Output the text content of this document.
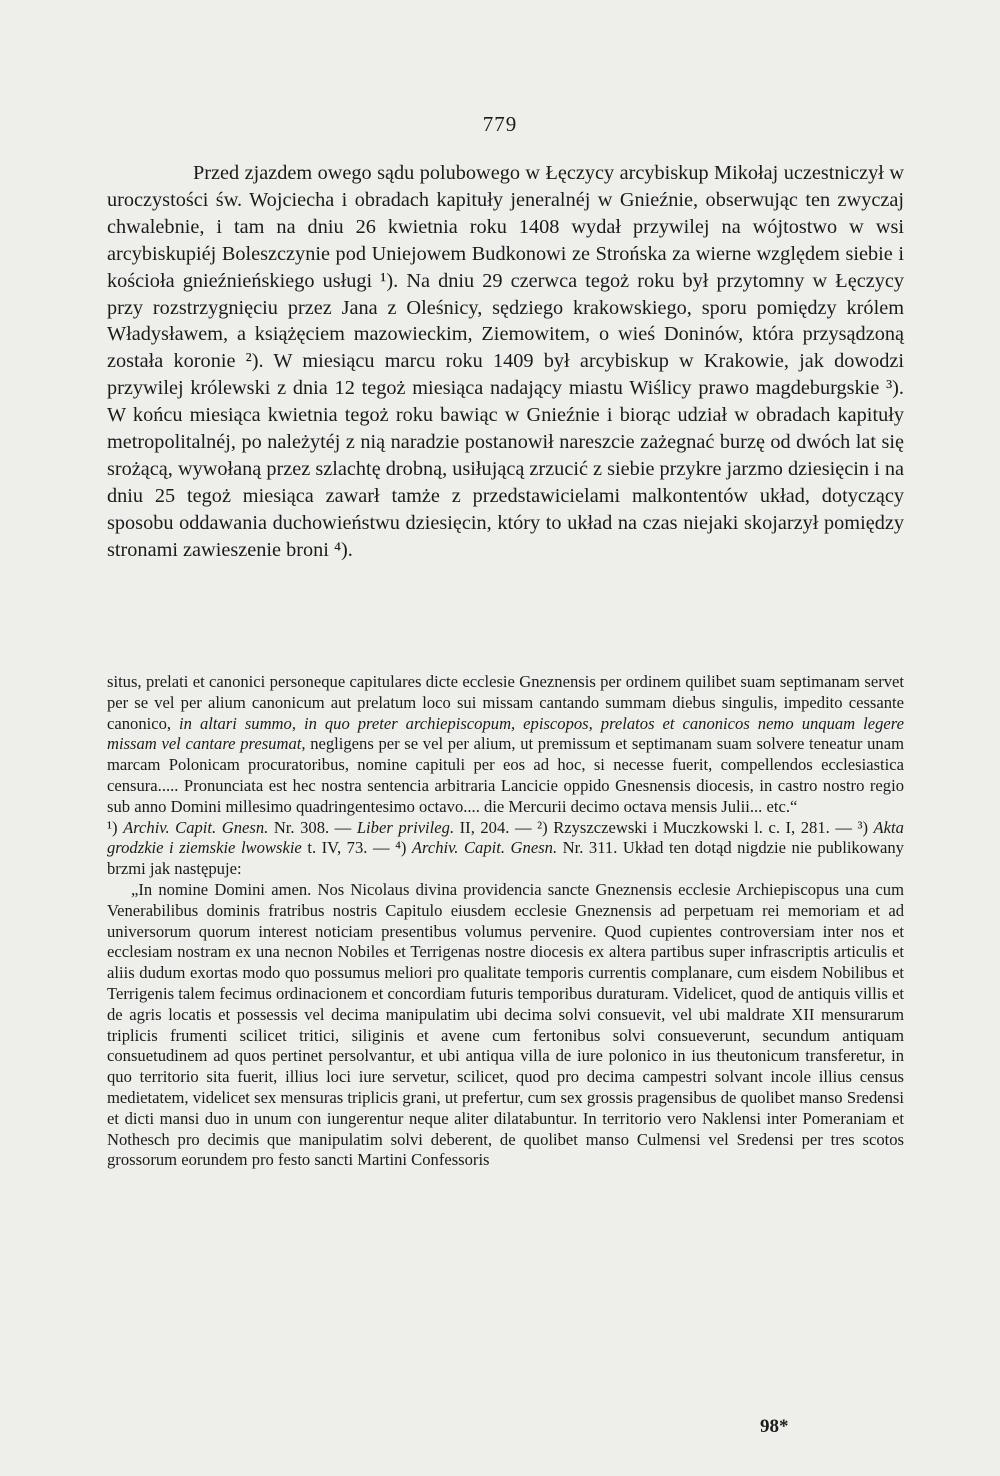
779

Przed zjazdem owego sądu polubowego w Łęczycy arcybiskup Mikołaj uczestniczył w uroczystości św. Wojciecha i obradach kapituły jeneralnéj w Gnieźnie, obserwując ten zwyczaj chwalebnie, i tam na dniu 26 kwietnia roku 1408 wydał przywilej na wójtostwo w wsi arcybiskupiéj Boleszczynie pod Uniejowem Budkonowi ze Strońska za wierne względem siebie i kościoła gnieźnieńskiego usługi ¹). Na dniu 29 czerwca tegoż roku był przytomny w Łęczycy przy rozstrzygnięciu przez Jana z Oleśnicy, sędziego krakowskiego, sporu pomiędzy królem Władysławem, a książęciem mazowieckim, Ziemowitem, o wieś Doninów, która przysądzoną została koronie ²). W miesiącu marcu roku 1409 był arcybiskup w Krakowie, jak dowodzi przywilej królewski z dnia 12 tegoż miesiąca nadający miastu Wiślicy prawo magdeburgskie ³). W końcu miesiąca kwietnia tegoż roku bawiąc w Gnieźnie i biorąc udział w obradach kapituły metropolitalnéj, po należytéj z nią naradzie postanowił nareszcie zażegnać burzę od dwóch lat się srożącą, wywołaną przez szlachtę drobną, usiłującą zrzucić z siebie przykre jarzmo dziesięcin i na dniu 25 tegoż miesiąca zawarł tamże z przedstawicielami malkontentów układ, dotyczący sposobu oddawania duchowieństwu dziesięcin, który to układ na czas niejaki skojarzył pomiędzy stronami zawieszenie broni ⁴).

situs, prelati et canonici personeque capitulares dicte ecclesie Gneznensis per ordinem quilibet suam septimanam servet per se vel per alium canonicum aut prelatum loco sui missam cantando summam diebus singulis, impedito cessante canonico, in altari summo, in quo preter archiepiscopum, episcopos, prelatos et canonicos nemo unquam legere missam vel cantare presumat, negligens per se vel per alium, ut premissum et septimanam suam solvere teneatur unam marcam Polonicam procuratoribus, nomine capituli per eos ad hoc, si necesse fuerit, compellendos ecclesiastica censura..... Pronunciata est hec nostra sentencia arbitraria Lancicie oppido Gnesnensis diocesis, in castro nostro regio sub anno Domini millesimo quadringentesimo octavo.... die Mercurii decimo octava mensis Julii... etc.“

¹) Archiv. Capit. Gnesn. Nr. 308. — Liber privileg. II, 204. — ²) Rzyszczewski i Muczkowski l. c. I, 281. — ³) Akta grodzkie i ziemskie lwowskie t. IV, 73. — ⁴) Archiv. Capit. Gnesn. Nr. 311. Układ ten dotąd nigdzie nie publikowany brzmi jak następuje:

„In nomine Domini amen. Nos Nicolaus divina providencia sancte Gneznensis ecclesie Archiepiscopus una cum Venerabilibus dominis fratribus nostris Capitulo eiusdem ecclesie Gneznensis ad perpetuam rei memoriam et ad universorum quorum interest noticiam presentibus volumus pervenire. Quod cupientes controversiam inter nos et ecclesiam nostram ex una necnon Nobiles et Terrigenas nostre diocesis ex altera partibus super infrascriptis articulis et aliis dudum exortas modo quo possumus meliori pro qualitate temporis currentis complanare, cum eisdem Nobilibus et Terrigenis talem fecimus ordinacionem et concordiam futuris temporibus duraturam. Videlicet, quod de antiquis villis et de agris locatis et possessis vel decima manipulatim ubi decima solvi consuevit, vel ubi maldrate XII mensurarum triplicis frumenti scilicet tritici, siliginis et avene cum fertonibus solvi consueverunt, secundum antiquam consuetudinem ad quos pertinet persolvantur, et ubi antiqua villa de iure polonico in ius theutonicum transferetur, in quo territorio sita fuerit, illius loci iure servetur, scilicet, quod pro decima campestri solvant incole illius census medietatem, videlicet sex mensuras triplicis grani, ut prefertur, cum sex grossis pragensibus de quolibet manso Sredensi et dicti mansi duo in unum con iungerentur neque aliter dilatabuntur. In territorio vero Naklensi inter Pomeraniam et Nothesch pro decimis que manipulatim solvi deberent, de quolibet manso Culmensi vel Sredensi per tres scotos grossorum eorundem pro festo sancti Martini Confessoris

98*
